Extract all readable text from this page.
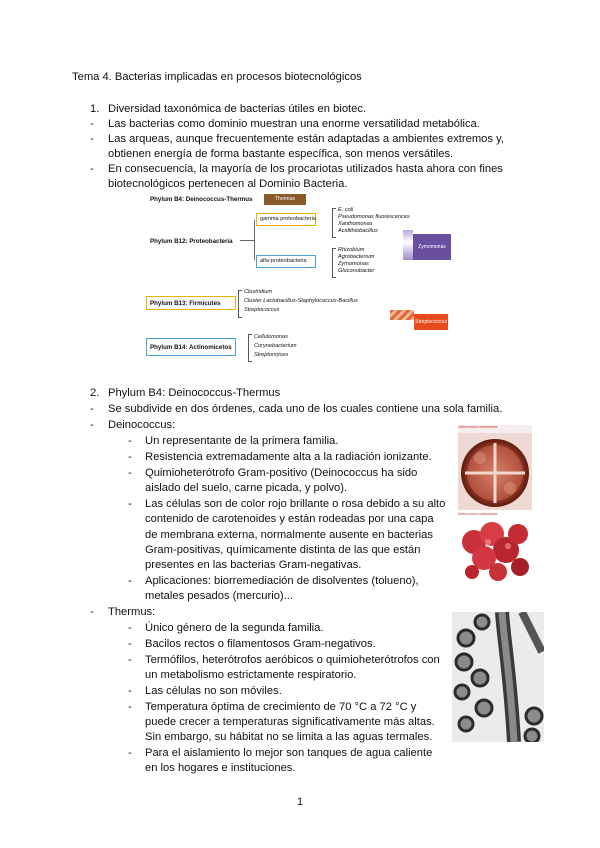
Tema 4. Bacterias implicadas en procesos biotecnológicos
1. Diversidad taxonómica de bacterias útiles en biotec.
- Las bacterias como dominio muestran una enorme versatilidad metabólica.
- Las arqueas, aunque frecuentemente están adaptadas a ambientes extremos y,
obtienen energía de forma bastante específica, son menos versátiles.
- En consecuencia, la mayoría de los procariotas utilizados hasta ahora con fines
biotecnológicos pertenecen al Dominio Bacteria.
Phylum B4: Deinococcus-Thermus	Thermus
Phylum B12: Proteobacteria
gamma proteobacteria
E. coli
Pseudomonas fluorescences
Xanthomonas
Acidithiobacillus
alfa-proteobacteria
Rhizobium
Agrobacterium
Zymomonas
Gluconobacter
Zymomonas
Phylum B13: Firmicutes
Clostridium
Cluster Lactobacillus-Staphylococcus-Bacillus
Streptococcus
Streptococcus
Phylum B14: Actinomicetos
Cellulomonas
Corynebacterium
Streptomyces
2. Phylum B4: Deinococcus-Thermus
- Se subdivide en dos órdenes, cada uno de los cuales contiene una sola familia.
- Deinococcus:
- Un representante de la primera familia.
- Resistencia extremadamente alta a la radiación ionizante.
- Quimioheterótrofo Gram-positivo (Deinococcus ha sido
aislado del suelo, carne picada, y polvo).
- Las células son de color rojo brillante o rosa debido a su alto
contenido de carotenoides y están rodeadas por una capa
de membrana externa, normalmente ausente en bacterias
Gram-positivas, químicamente distinta de las que están
presentes en las bacterias Gram-negativas.
- Aplicaciones: biorremediación de disolventes (tolueno),
metales pesados (mercurio)...
- Thermus:
- Único género de la segunda familia.
- Bacilos rectos o filamentosos Gram-negativos.
- Termófilos, heterótrofos aeróbicos o quimioheterótrofos con
un metabolismo estrictamente respiratorio.
- Las células no son móviles.
- Temperatura óptima de crecimiento de 70 °C a 72 °C y
puede crecer a temperaturas significativamente más altas.
Sin embargo, su hábitat no se limita a las aguas termales.
- Para el aislamiento lo mejor son tanques de agua caliente
en los hogares e instituciones.
Deinococcus radiodurans
Deinococcus radiodurans
1
